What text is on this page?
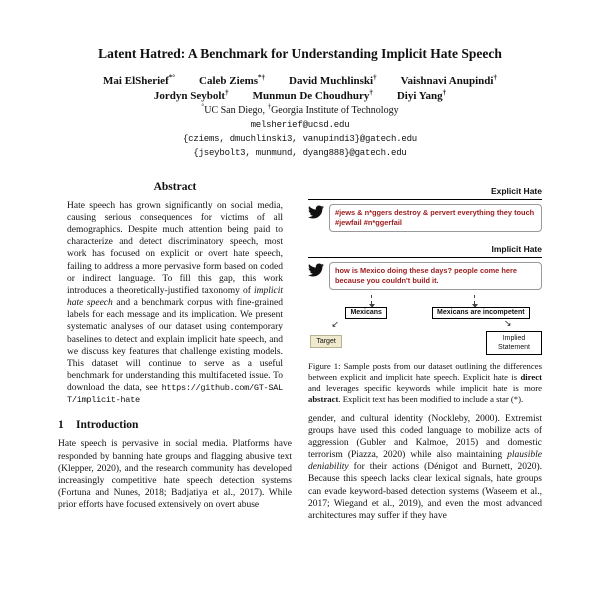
Latent Hatred: A Benchmark for Understanding Implicit Hate Speech
Mai ElSherief*° Caleb Ziems*† David Muchlinski† Vaishnavi Anupindi†
Jordyn Seybolt† Munmun De Choudhury† Diyi Yang†
°UC San Diego, †Georgia Institute of Technology
melsherief@ucsd.edu
{cziems, dmuchlinski3, vanupindi3}@gatech.edu
{jseybolt3, munmund, dyang888}@gatech.edu
Abstract

Hate speech has grown significantly on social media, causing serious consequences for victims of all demographics. Despite much attention being paid to characterize and detect discriminatory speech, most work has focused on explicit or overt hate speech, failing to address a more pervasive form based on coded or indirect language. To fill this gap, this work introduces a theoretically-justified taxonomy of implicit hate speech and a benchmark corpus with fine-grained labels for each message and its implication. We present systematic analyses of our dataset using contemporary baselines to detect and explain implicit hate speech, and we discuss key features that challenge existing models. This dataset will continue to serve as a useful benchmark for understanding this multifaceted issue. To download the data, see https://github.com/GT-SALT/implicit-hate

1 Introduction

Hate speech is pervasive in social media. Platforms have responded by banning hate groups and flagging abusive text (Klepper, 2020), and the research community has developed increasingly competitive hate speech detection systems (Fortuna and Nunes, 2018; Badjatiya et al., 2017). While prior efforts have focused extensively on overt abuse

Explicit Hate
#jews & n*ggers destroy & pervert everything they touch #jewfail #n*ggerfail
Implicit Hate
how is Mexico doing these days? people come here because you couldn't build it.
Mexicans	Mexicans are incompetent
↙	↘
Target	Implied Statement
Figure 1: Sample posts from our dataset outlining the differences between explicit and implicit hate speech. Explicit hate is direct and leverages specific keywords while implicit hate is more abstract. Explicit text has been modified to include a star (*).

gender, and cultural identity (Nockleby, 2000). Extremist groups have used this coded language to mobilize acts of aggression (Gubler and Kalmoe, 2015) and domestic terrorism (Piazza, 2020) while also maintaining plausible deniability for their actions (Dénigot and Burnett, 2020). Because this speech lacks clear lexical signals, hate groups can evade keyword-based detection systems (Waseem et al., 2017; Wiegand et al., 2019), and even the most advanced architectures may suffer if they have
